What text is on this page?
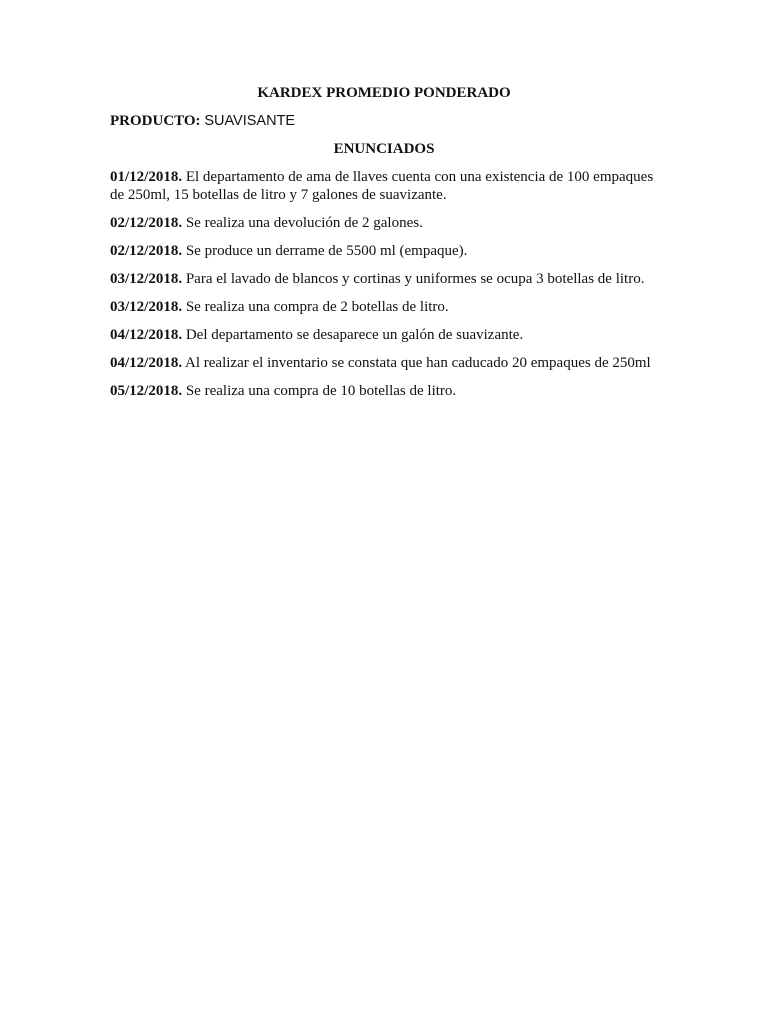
KARDEX PROMEDIO PONDERADO
PRODUCTO: SUAVISANTE
ENUNCIADOS
01/12/2018. El departamento de ama de llaves cuenta con una existencia de 100 empaques de 250ml, 15 botellas de litro y 7 galones de suavizante.
02/12/2018. Se realiza una devolución de 2 galones.
02/12/2018. Se produce un derrame de 5500 ml (empaque).
03/12/2018. Para el lavado de blancos y cortinas y uniformes se ocupa 3 botellas de litro.
03/12/2018. Se realiza una compra de 2 botellas de litro.
04/12/2018. Del departamento se desaparece un galón de suavizante.
04/12/2018. Al realizar el inventario se constata que han caducado 20 empaques de 250ml
05/12/2018. Se realiza una compra de 10 botellas de litro.
